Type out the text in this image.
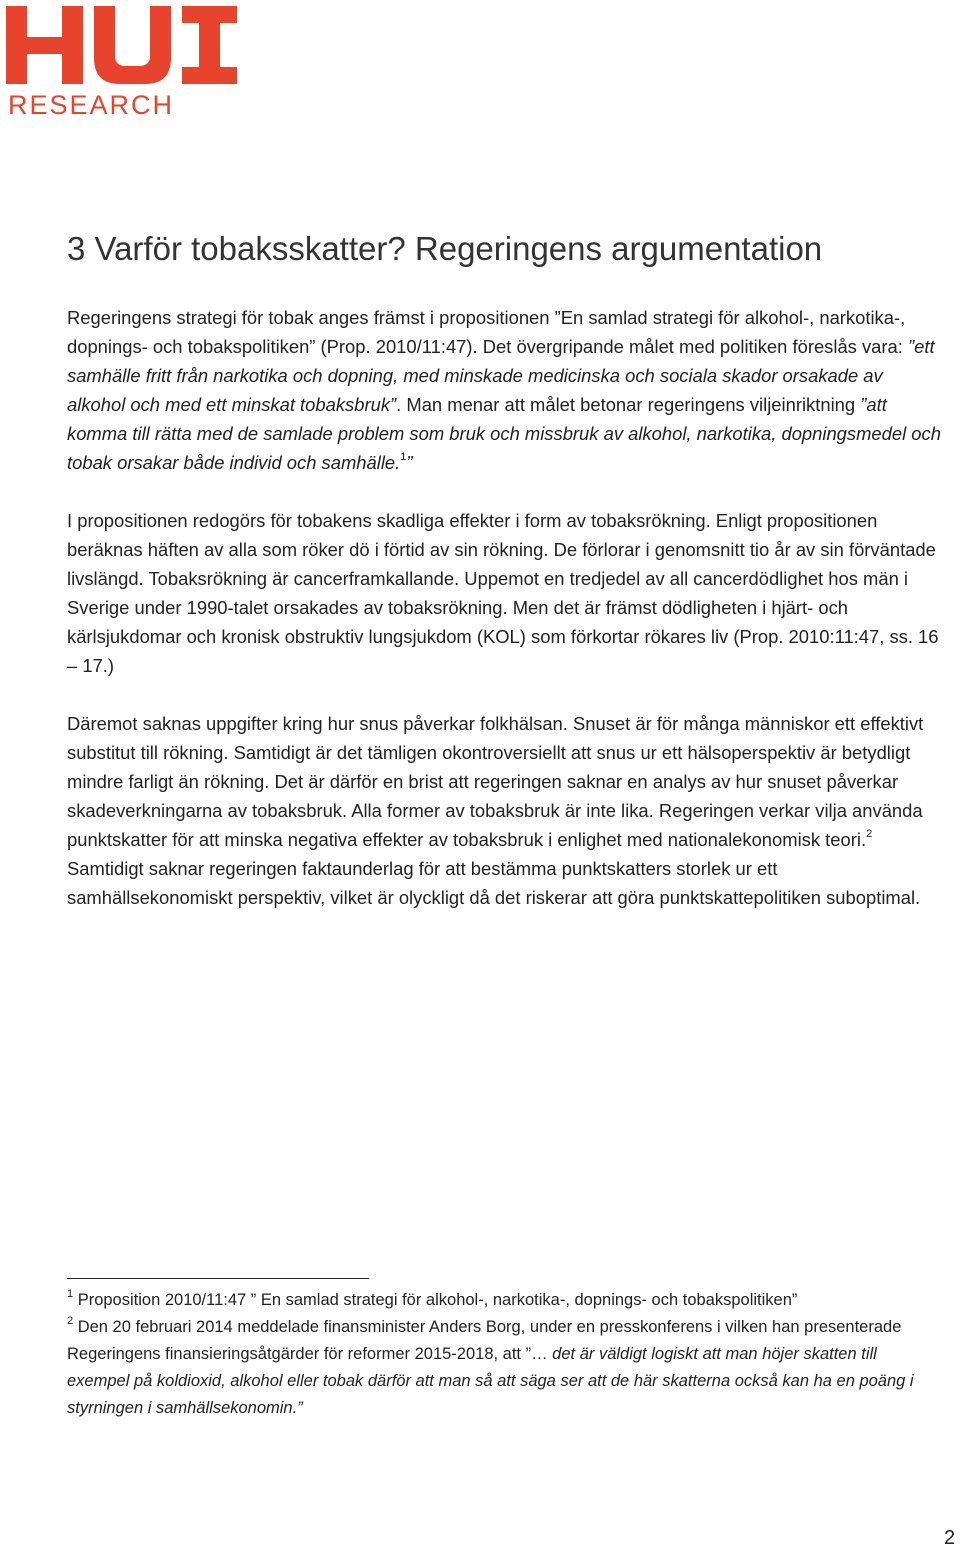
RESEARCH
3 Varför tobaksskatter? Regeringens argumentation

Regeringens strategi för tobak anges främst i propositionen ”En samlad strategi för alkohol-, narkotika-, dopnings- och tobakspolitiken” (Prop. 2010/11:47). Det övergripande målet med politiken föreslås vara: ”ett samhälle fritt från narkotika och dopning, med minskade medicinska och sociala skador orsakade av alkohol och med ett minskat tobaksbruk”. Man menar att målet betonar regeringens viljeinriktning ”att komma till rätta med de samlade problem som bruk och missbruk av alkohol, narkotika, dopningsmedel och tobak orsakar både individ och samhälle.$^1$”

I propositionen redogörs för tobakens skadliga effekter i form av tobaksrökning. Enligt propositionen beräknas häften av alla som röker dö i förtid av sin rökning. De förlorar i genomsnitt tio år av sin förväntade livslängd. Tobaksrökning är cancerframkallande. Uppemot en tredjedel av all cancerdödlighet hos män i Sverige under 1990-talet orsakades av tobaksrökning. Men det är främst dödligheten i hjärt- och kärlsjukdomar och kronisk obstruktiv lungsjukdom (KOL) som förkortar rökares liv (Prop. 2010:11:47, ss. 16 – 17.)

Däremot saknas uppgifter kring hur snus påverkar folkhälsan. Snuset är för många människor ett effektivt substitut till rökning. Samtidigt är det tämligen okontroversiellt att snus ur ett hälsoperspektiv är betydligt mindre farligt än rökning. Det är därför en brist att regeringen saknar en analys av hur snuset påverkar skadeverkningarna av tobaksbruk. Alla former av tobaksbruk är inte lika. Regeringen verkar vilja använda punktskatter för att minska negativa effekter av tobaksbruk i enlighet med nationalekonomisk teori.$^2$ Samtidigt saknar regeringen faktaunderlag för att bestämma punktskatters storlek ur ett samhällsekonomiskt perspektiv, vilket är olyckligt då det riskerar att göra punktskattepolitiken suboptimal.

$^1$ Proposition 2010/11:47 ” En samlad strategi för alkohol-, narkotika-, dopnings- och tobakspolitiken”

$^2$ Den 20 februari 2014 meddelade finansminister Anders Borg, under en presskonferens i vilken han presenterade Regeringens finansieringsåtgärder för reformer 2015-2018, att ”… det är väldigt logiskt att man höjer skatten till exempel på koldioxid, alkohol eller tobak därför att man så att säga ser att de här skatterna också kan ha en poäng i styrningen i samhällsekonomin.”

2
